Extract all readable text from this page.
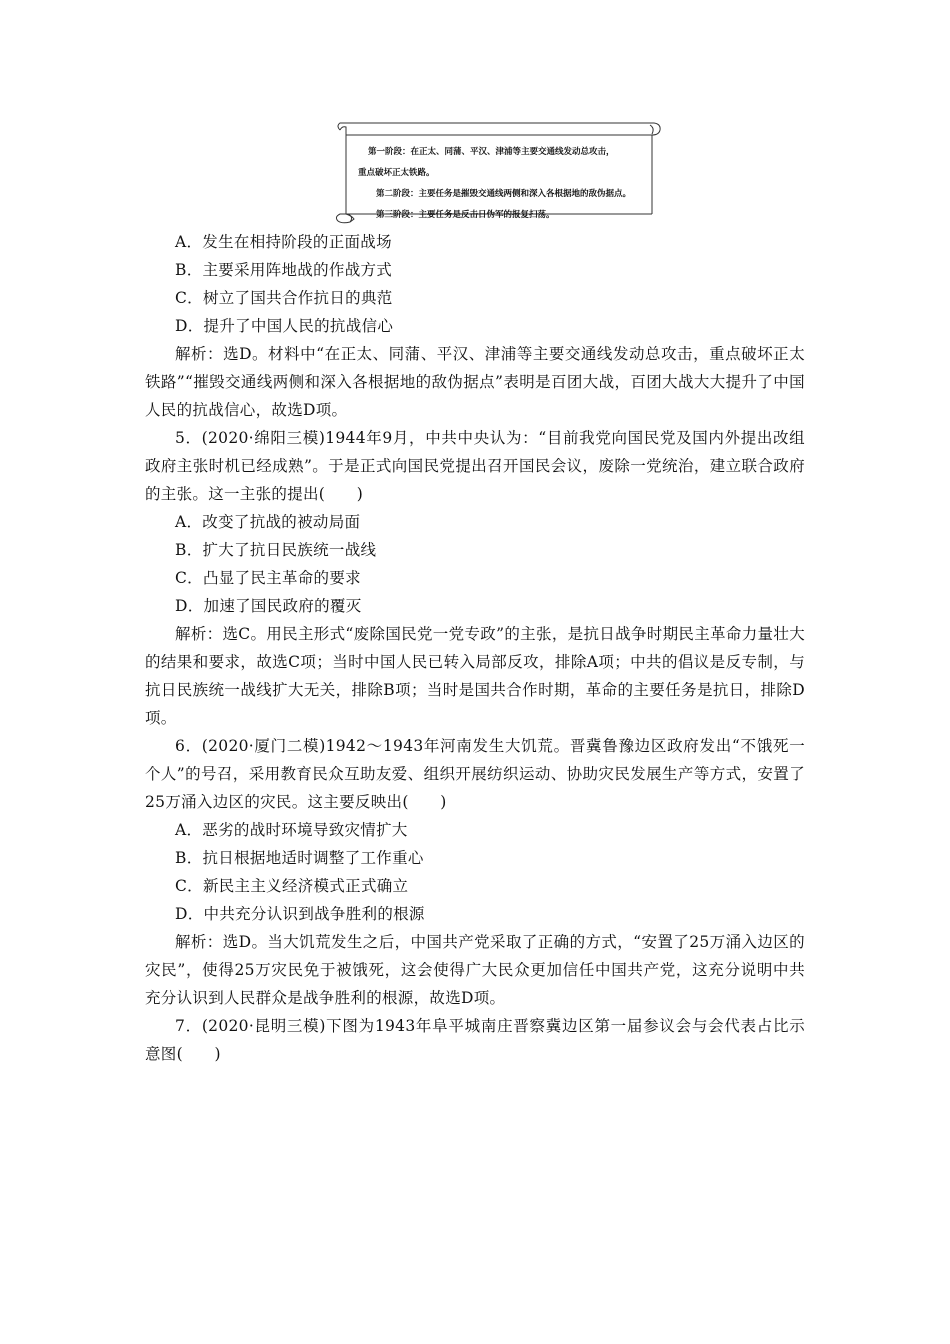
第一阶段：在正太、同蒲、平汉、津浦等主要交通线发动总攻击，
重点破坏正太铁路。
第二阶段：主要任务是摧毁交通线两侧和深入各根据地的敌伪据点。
第三阶段：主要任务是反击日伪军的报复扫荡。
A．发生在相持阶段的正面战场
B．主要采用阵地战的作战方式
C．树立了国共合作抗日的典范
D．提升了中国人民的抗战信心

解析：选D。材料中“在正太、同蒲、平汉、津浦等主要交通线发动总攻击，重点破坏正太铁路”“摧毁交通线两侧和深入各根据地的敌伪据点”表明是百团大战，百团大战大大提升了中国人民的抗战信心，故选D项。

5．(2020·绵阳三模)1944年9月，中共中央认为：“目前我党向国民党及国内外提出改组政府主张时机已经成熟”。于是正式向国民党提出召开国民会议，废除一党统治，建立联合政府的主张。这一主张的提出(　　)

A．改变了抗战的被动局面
B．扩大了抗日民族统一战线
C．凸显了民主革命的要求
D．加速了国民政府的覆灭

解析：选C。用民主形式“废除国民党一党专政”的主张，是抗日战争时期民主革命力量壮大的结果和要求，故选C项；当时中国人民已转入局部反攻，排除A项；中共的倡议是反专制，与抗日民族统一战线扩大无关，排除B项；当时是国共合作时期，革命的主要任务是抗日，排除D项。

6．(2020·厦门二模)1942～1943年河南发生大饥荒。晋冀鲁豫边区政府发出“不饿死一个人”的号召，采用教育民众互助友爱、组织开展纺织运动、协助灾民发展生产等方式，安置了25万涌入边区的灾民。这主要反映出(　　)

A．恶劣的战时环境导致灾情扩大
B．抗日根据地适时调整了工作重心
C．新民主主义经济模式正式确立
D．中共充分认识到战争胜利的根源

解析：选D。当大饥荒发生之后，中国共产党采取了正确的方式，“安置了25万涌入边区的灾民”，使得25万灾民免于被饿死，这会使得广大民众更加信任中国共产党，这充分说明中共充分认识到人民群众是战争胜利的根源，故选D项。

7．(2020·昆明三模)下图为1943年阜平城南庄晋察冀边区第一届参议会与会代表占比示意图(　　)
